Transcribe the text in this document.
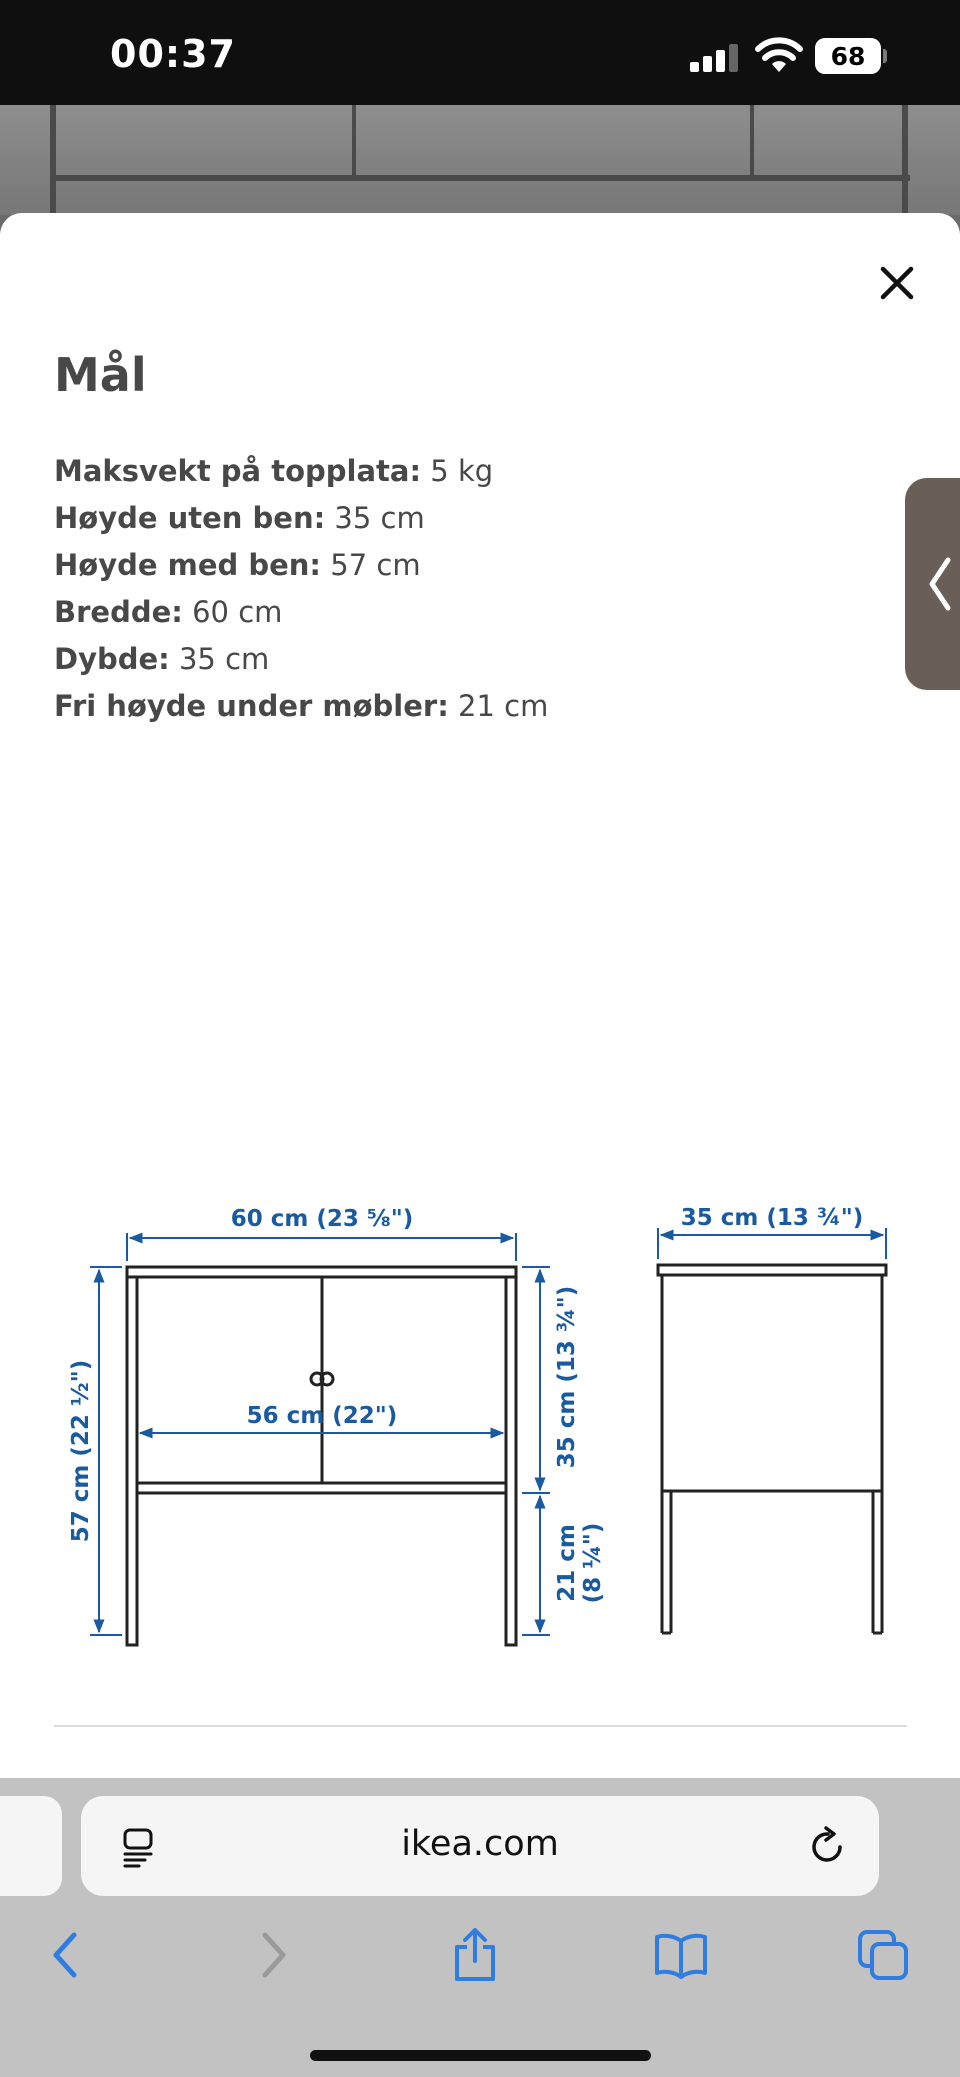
00:37	68
Mål
Maksvekt på topplata: 5 kg
Høyde uten ben: 35 cm
Høyde med ben: 57 cm
Bredde: 60 cm
Dybde: 35 cm
Fri høyde under møbler: 21 cm
60 cm (23 ⅝")
56 cm (22")
57 cm (22 ½")	35 cm (13 ¾")
21 cm (8 ¼")
35 cm (13 ¾")
ikea.com
